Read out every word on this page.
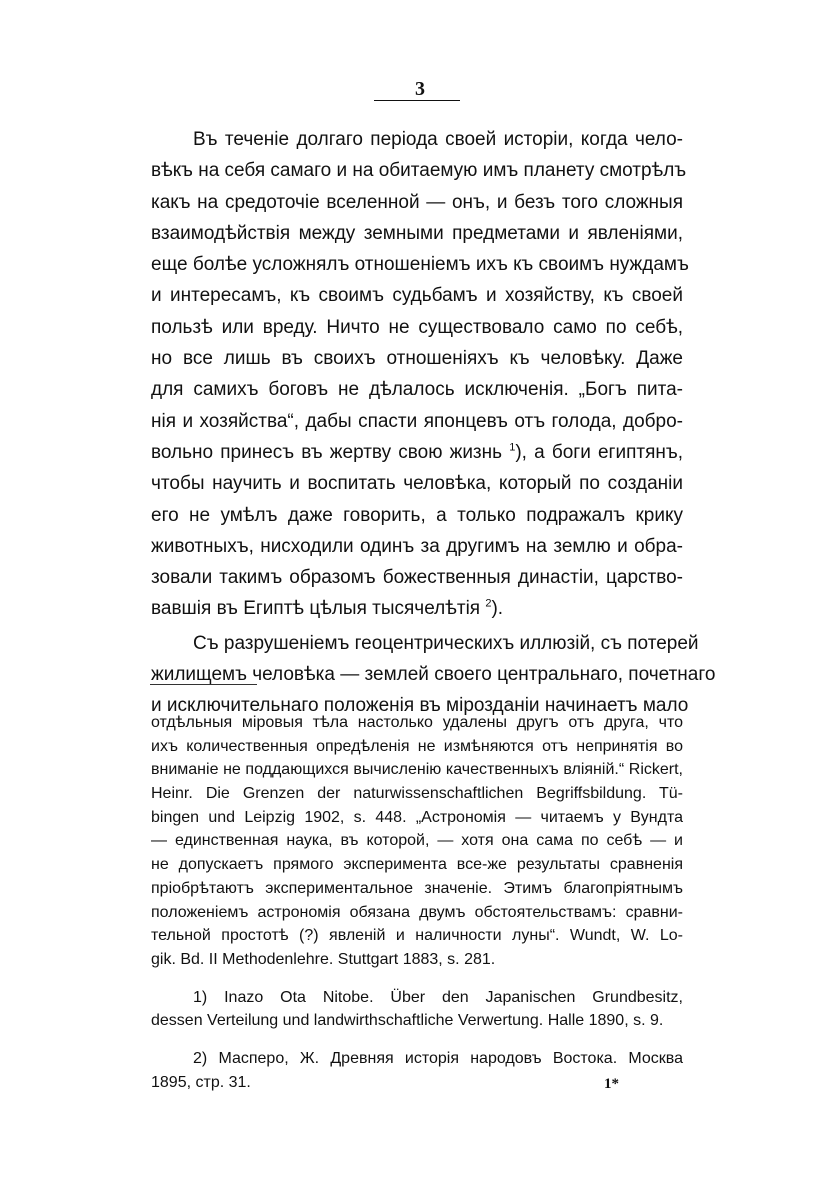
3
Въ теченіе долгаго періода своей исторіи, когда чело-
вѣкъ на себя самаго и на обитаемую имъ планету смотрѣлъ
какъ на средоточіе вселенной — онъ, и безъ того сложныя
взаимодѣйствія между земными предметами и явленіями,
еще болѣе усложнялъ отношеніемъ ихъ къ своимъ нуждамъ
и интересамъ, къ своимъ судьбамъ и хозяйству, къ своей
пользѣ или вреду. Ничто не существовало само по себѣ,
но все лишь въ своихъ отношеніяхъ къ человѣку. Даже
для самихъ боговъ не дѣлалось исключенія. „Богъ пита-
нія и хозяйства“, дабы спасти японцевъ отъ голода, добро-
вольно принесъ въ жертву свою жизнь $^1$), а боги египтянъ,
чтобы научить и воспитать человѣка, который по созданіи
его не умѣлъ даже говорить, а только подражалъ крику
животныхъ, нисходили одинъ за другимъ на землю и обра-
зовали такимъ образомъ божественныя династіи, царство-
вавшія въ Египтѣ цѣлыя тысячелѣтія $^2$).
Съ разрушеніемъ геоцентрическихъ иллюзій, съ потерей
жилищемъ человѣка — землей своего центральнаго, почетнаго
и исключительнаго положенія въ мірозданіи начинаетъ мало
отдѣльныя міровыя тѣла настолько удалены другъ отъ друга, что
ихъ количественныя опредѣленія не измѣняются отъ непринятія во
вниманіе не поддающихся вычисленію качественныхъ вліяній.“ Rickert,
Heinr. Die Grenzen der naturwissenschaftlichen Begriffsbildung. Tü-
bingen und Leipzig 1902, s. 448. „Астрономія — читаемъ у Вундта
— единственная наука, въ которой, — хотя она сама по себѣ — и
не допускаетъ прямого эксперимента все-же результаты сравненія
пріобрѣтаютъ экспериментальное значеніе. Этимъ благопріятнымъ
положеніемъ астрономія обязана двумъ обстоятельствамъ: сравни-
тельной простотѣ (?) явленій и наличности луны“. Wundt, W. Lo-
gik. Bd. II Methodenlehre. Stuttgart 1883, s. 281.
1) Inazo Ota Nitobe. Über den Japanischen Grundbesitz,
dessen Verteilung und landwirthschaftliche Verwertung. Halle 1890, s. 9.
2) Масперо, Ж. Древняя исторія народовъ Востока. Москва
1895, стр. 31.	1*
